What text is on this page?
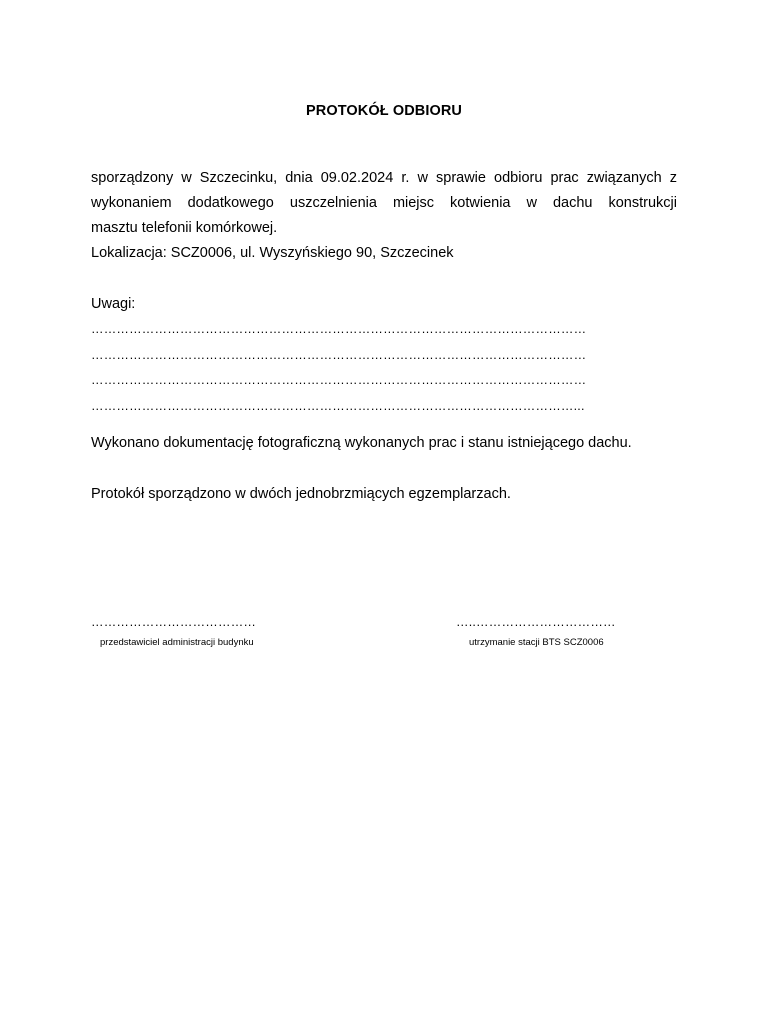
PROTOKÓŁ ODBIORU

sporządzony w Szczecinku, dnia 09.02.2024 r. w sprawie odbioru prac związanych z

wykonaniem dodatkowego uszczelnienia miejsc kotwienia w dachu konstrukcji

masztu telefonii komórkowej.

Lokalizacja: SCZ0006, ul. Wyszyńskiego 90, Szczecinek

Uwagi:
………………………………………………………………………………………………………
………………………………………………………………………………………………………
………………………………………………………………………………………………………
……………………………………………………………………………………………………...
Wykonano dokumentację fotograficzną wykonanych prac i stanu istniejącego dachu.
Protokół sporządzono w dwóch jednobrzmiących egzemplarzach.
…………………………………
przedstawiciel administracji budynku
…..……………………………
utrzymanie stacji BTS SCZ0006
